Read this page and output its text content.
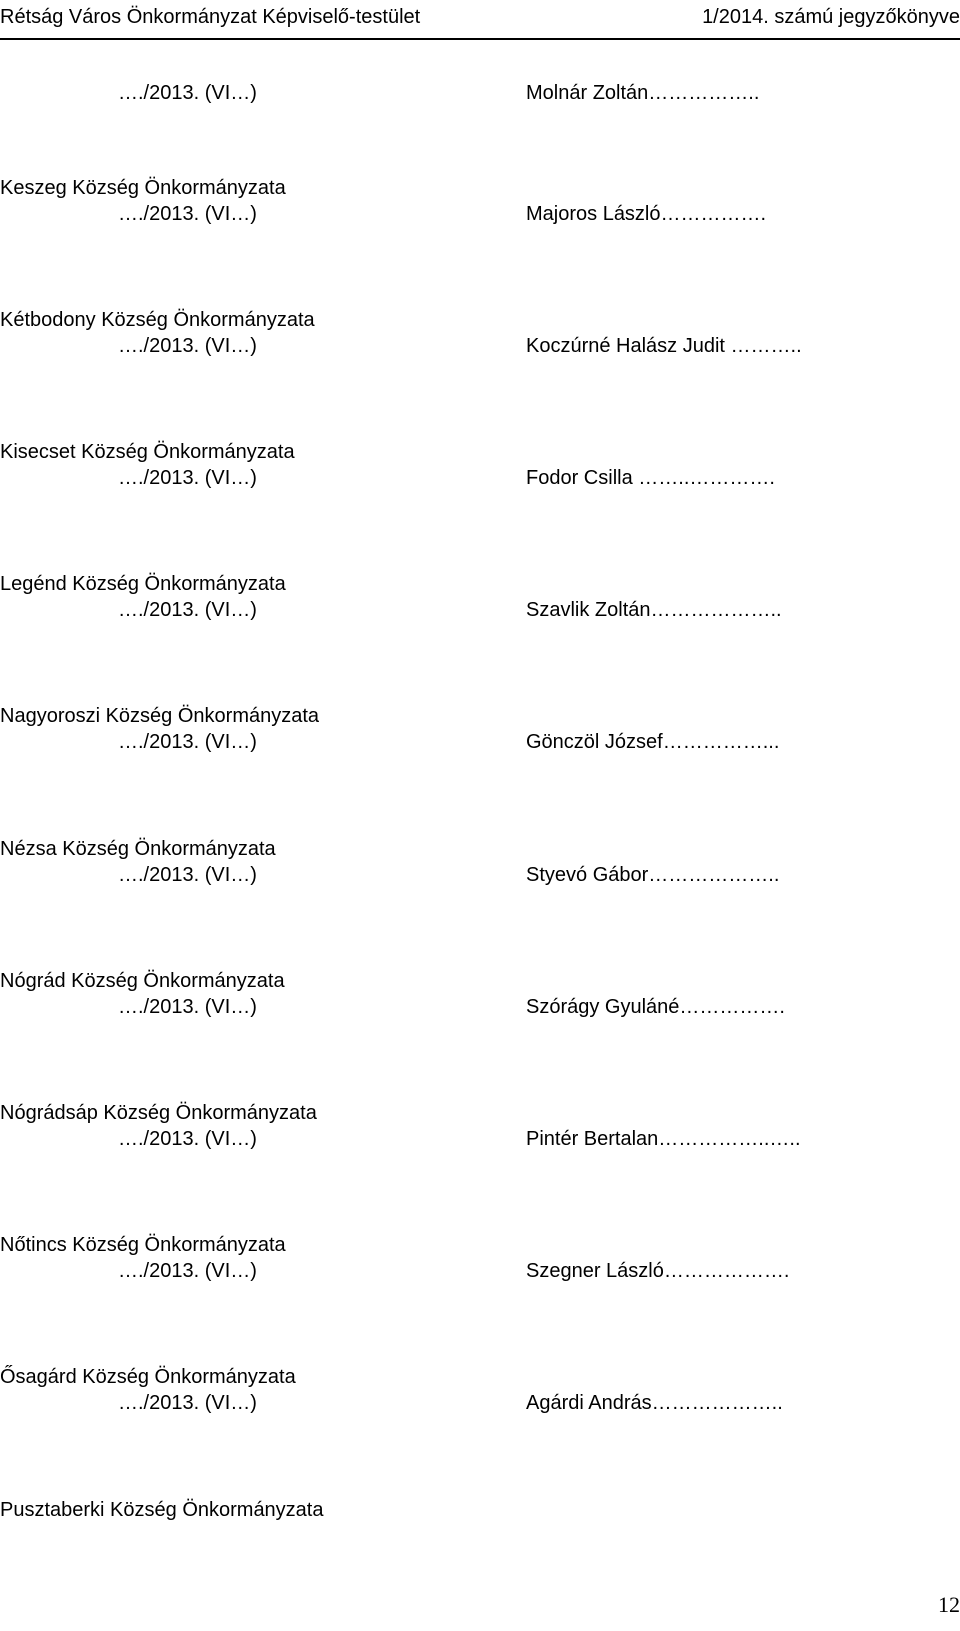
Rétság Város Önkormányzat Képviselő-testület	1/2014. számú jegyzőkönyve
…./2013. (VI…)	Molnár Zoltán……………..
Keszeg Község Önkormányzata
…./2013. (VI…)	Majoros László…………….
Kétbodony Község Önkormányzata
…./2013. (VI…)	Koczúrné Halász Judit ………..
Kisecset Község Önkormányzata
…./2013. (VI…)	Fodor Csilla ……..………….
Legénd Község Önkormányzata
…./2013. (VI…)	Szavlik Zoltán………………..
Nagyoroszi Község Önkormányzata
…./2013. (VI…)	Gönczöl József……………...
Nézsa Község Önkormányzata
…./2013. (VI…)	Styevó Gábor………………..
Nógrád Község Önkormányzata
…./2013. (VI…)	Szórágy Gyuláné…………….
Nógrádsáp Község Önkormányzata
…./2013. (VI…)	Pintér Bertalan……………..…..
Nőtincs Község Önkormányzata
…./2013. (VI…)	Szegner László……………….
Ősagárd Község Önkormányzata
…./2013. (VI…)	Agárdi András………………..
Pusztaberki Község Önkormányzata
12
